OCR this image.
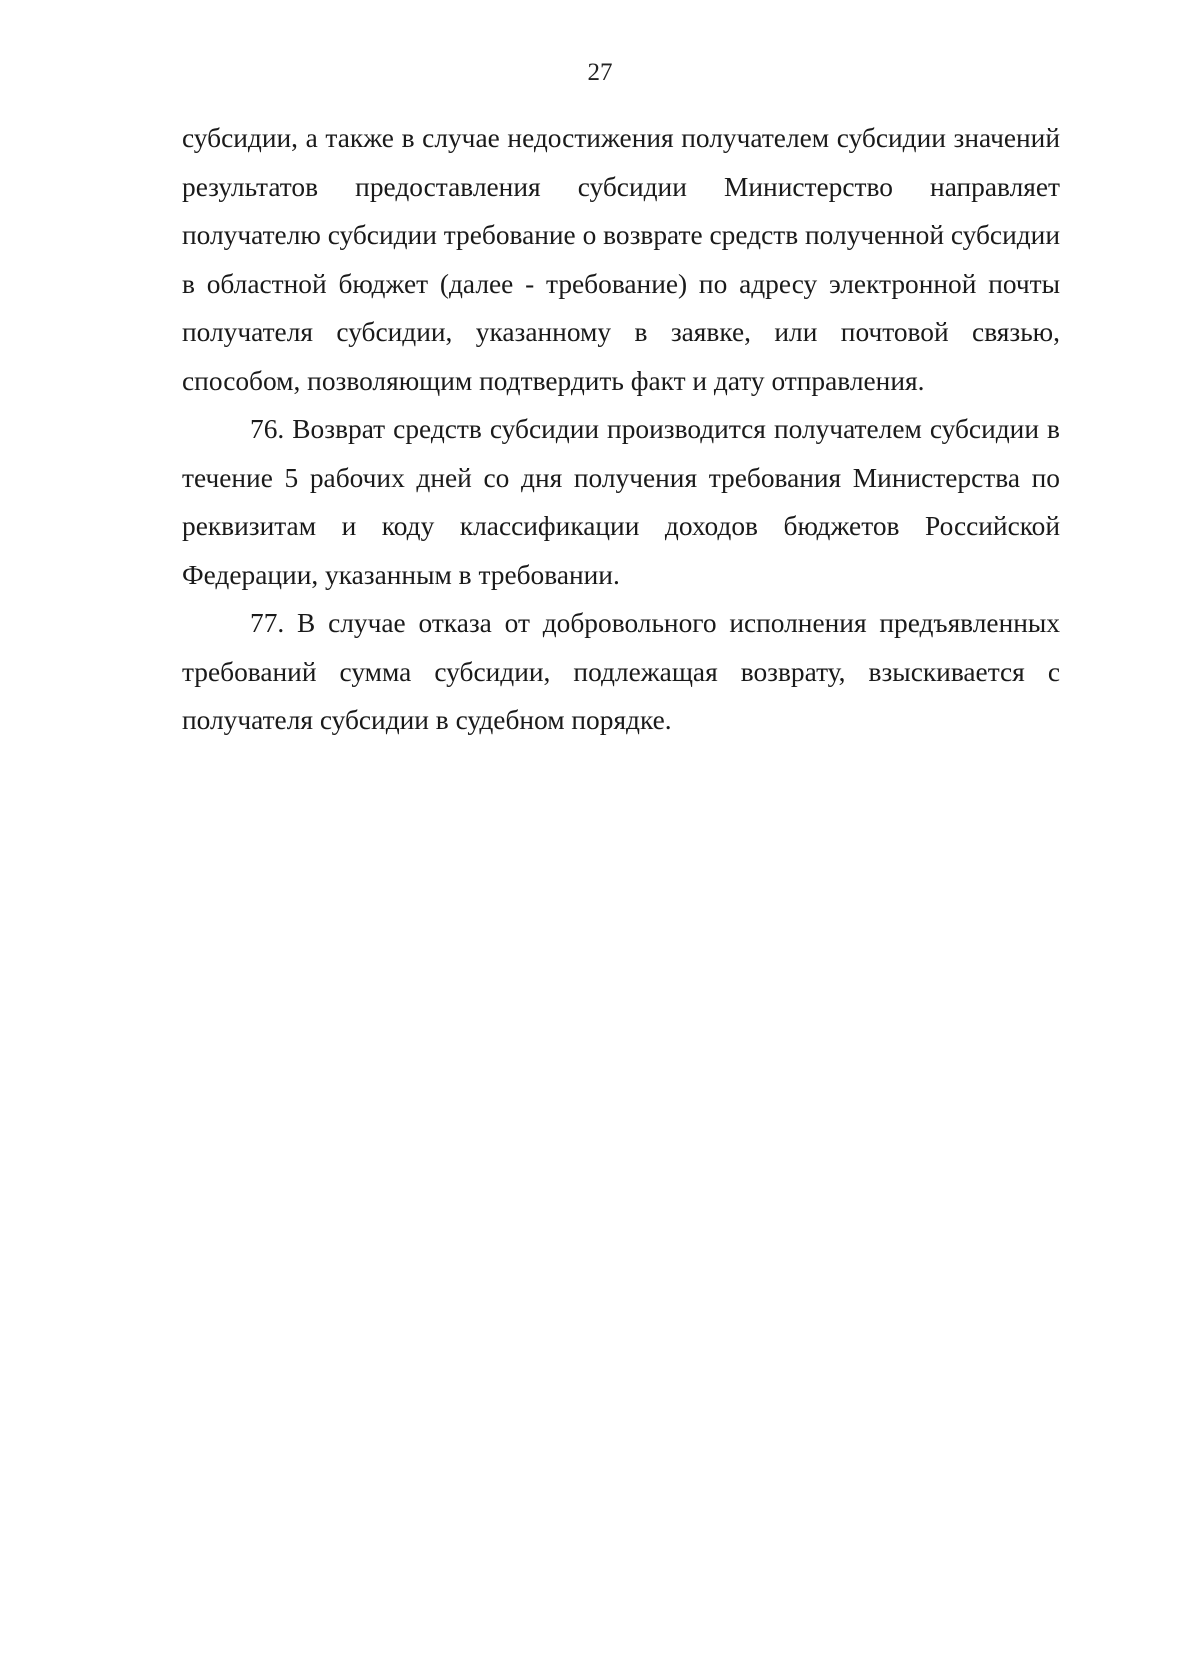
27

субсидии, а также в случае недостижения получателем субсидии значений результатов предоставления субсидии Министерство направляет получателю субсидии требование о возврате средств полученной субсидии в областной бюджет (далее - требование) по адресу электронной почты получателя субсидии, указанному в заявке, или почтовой связью, способом, позволяющим подтвердить факт и дату отправления.

76. Возврат средств субсидии производится получателем субсидии в течение 5 рабочих дней со дня получения требования Министерства по реквизитам и коду классификации доходов бюджетов Российской Федерации, указанным в требовании.

77. В случае отказа от добровольного исполнения предъявленных требований сумма субсидии, подлежащая возврату, взыскивается с получателя субсидии в судебном порядке.
